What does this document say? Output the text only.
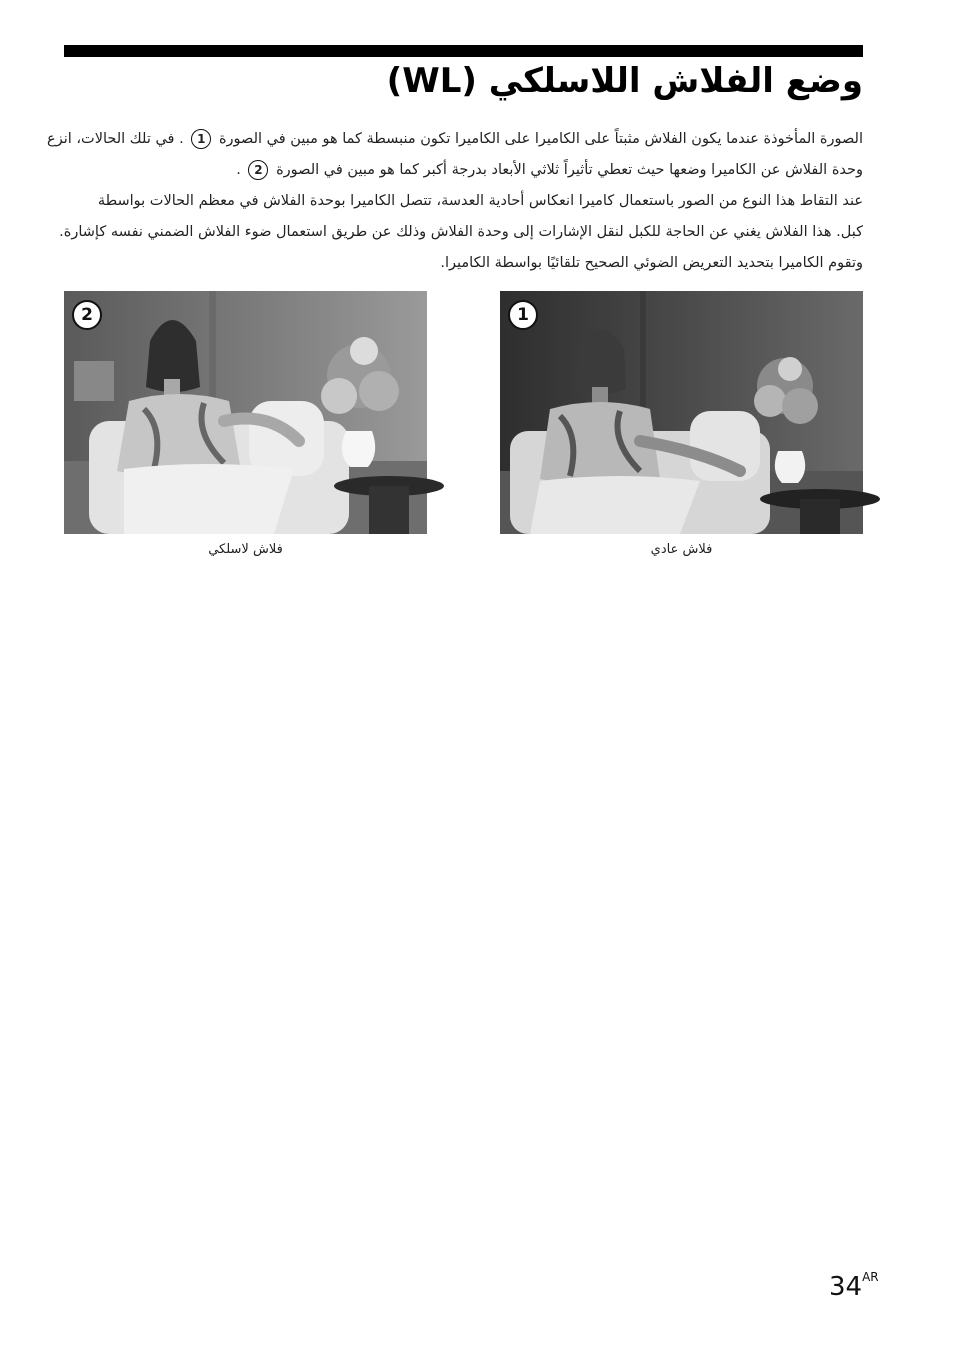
وضع الفلاش اللاسلكي (WL)

الصورة المأخوذة عندما يكون الفلاش مثبتاً على الكاميرا على الكاميرا تكون منبسطة كما هو مبين في الصورة 1 . في تلك الحالات، انزع

وحدة الفلاش عن الكاميرا وضعها حيث تعطي تأثيراً ثلاثي الأبعاد بدرجة أكبر كما هو مبين في الصورة 2 .

عند التقاط هذا النوع من الصور باستعمال كاميرا انعكاس أحادية العدسة، تتصل الكاميرا بوحدة الفلاش في معظم الحالات بواسطة

كبل. هذا الفلاش يغني عن الحاجة للكبل لنقل الإشارات إلى وحدة الفلاش وذلك عن طريق استعمال ضوء الفلاش الضمني نفسه كإشارة.

وتقوم الكاميرا بتحديد التعريض الضوئي الصحيح تلقائيًا بواسطة الكاميرا.

1
فلاش عادي
2
فلاش لاسلكي
$34^{AR}$
